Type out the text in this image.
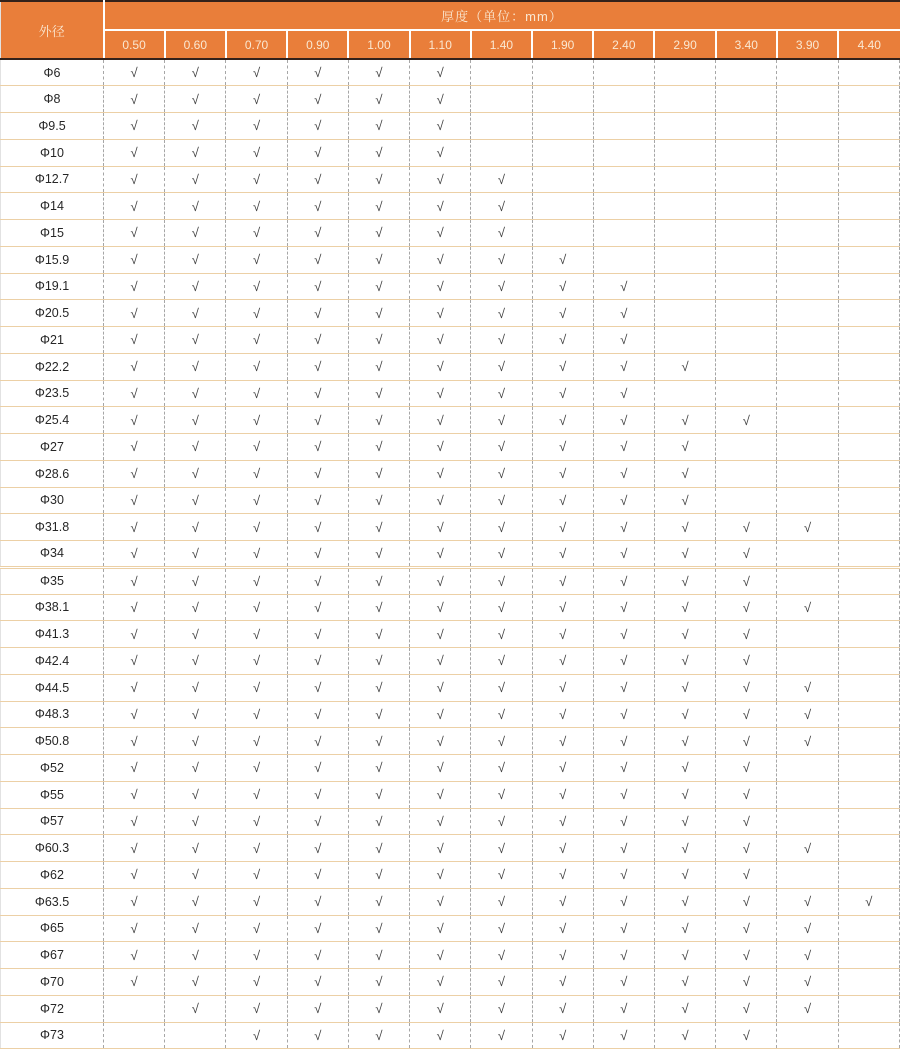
外径	厚度（单位：mm）												
	0.50	0.60	0.70	0.90	1.00	1.10	1.40	1.90	2.40	2.90	3.40	3.90	4.40
Φ6	√	√	√	√	√	√							
Φ8	√	√	√	√	√	√							
Φ9.5	√	√	√	√	√	√							
Φ10	√	√	√	√	√	√							
Φ12.7	√	√	√	√	√	√	√						
Φ14	√	√	√	√	√	√	√						
Φ15	√	√	√	√	√	√	√						
Φ15.9	√	√	√	√	√	√	√	√					
Φ19.1	√	√	√	√	√	√	√	√	√				
Φ20.5	√	√	√	√	√	√	√	√	√				
Φ21	√	√	√	√	√	√	√	√	√				
Φ22.2	√	√	√	√	√	√	√	√	√	√			
Φ23.5	√	√	√	√	√	√	√	√	√				
Φ25.4	√	√	√	√	√	√	√	√	√	√	√		
Φ27	√	√	√	√	√	√	√	√	√	√			
Φ28.6	√	√	√	√	√	√	√	√	√	√			
Φ30	√	√	√	√	√	√	√	√	√	√			
Φ31.8	√	√	√	√	√	√	√	√	√	√	√	√	
Φ34	√	√	√	√	√	√	√	√	√	√	√		
Φ35	√	√	√	√	√	√	√	√	√	√	√		
Φ38.1	√	√	√	√	√	√	√	√	√	√	√	√	
Φ41.3	√	√	√	√	√	√	√	√	√	√	√		
Φ42.4	√	√	√	√	√	√	√	√	√	√	√		
Φ44.5	√	√	√	√	√	√	√	√	√	√	√	√	
Φ48.3	√	√	√	√	√	√	√	√	√	√	√	√	
Φ50.8	√	√	√	√	√	√	√	√	√	√	√	√	
Φ52	√	√	√	√	√	√	√	√	√	√	√		
Φ55	√	√	√	√	√	√	√	√	√	√	√		
Φ57	√	√	√	√	√	√	√	√	√	√	√		
Φ60.3	√	√	√	√	√	√	√	√	√	√	√	√	
Φ62	√	√	√	√	√	√	√	√	√	√	√		
Φ63.5	√	√	√	√	√	√	√	√	√	√	√	√	√
Φ65	√	√	√	√	√	√	√	√	√	√	√	√	
Φ67	√	√	√	√	√	√	√	√	√	√	√	√	
Φ70	√	√	√	√	√	√	√	√	√	√	√	√	
Φ72		√	√	√	√	√	√	√	√	√	√	√	
Φ73			√	√	√	√	√	√	√	√	√		
